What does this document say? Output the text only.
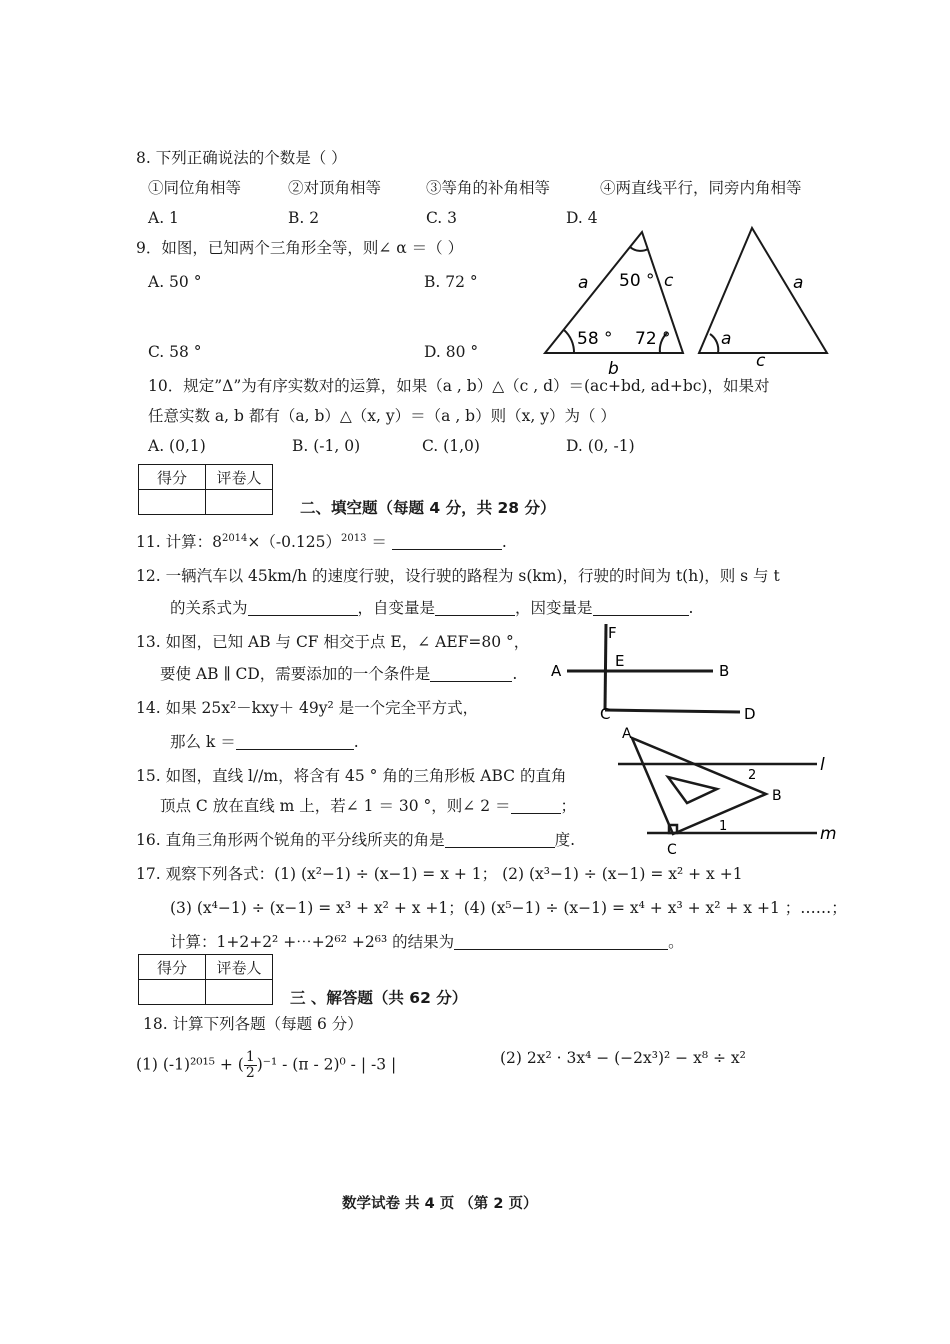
8. 下列正确说法的个数是（ ）
①同位角相等	②对顶角相等	③等角的补角相等	④两直线平行，同旁内角相等
A. 1	B. 2	C. 3	D. 4
9．如图，已知两个三角形全等，则∠ α ＝（ ）
A. 50 °	B. 72 °
C. 58 °	D. 80 °
a 50 ° c
58 ° 72 °
b
a
a
c
10．规定”Δ”为有序实数对的运算，如果（a , b）△（c , d）＝(ac+bd, ad+bc)，如果对
任意实数 a, b 都有（a, b）△（x, y）＝（a , b）则（x, y）为（ ）
A. (0,1)	B. (-1, 0)	C. (1,0)	D. (0, -1)
得分	评卷人

二、填空题（每题 4 分，共 28 分）
11. 计算：$8^{2014}\times(-0.125)^{2013}$ ＝	.
12. 一辆汽车以 45km/h 的速度行驶，设行驶的路程为 s(km)，行驶的时间为 t(h)，则 s 与 t
的关系式为	，自变量是	，因变量是	.
13. 如图，已知 AB 与 CF 相交于点 E，∠ AEF=80 °，
要使 AB ∥ CD，需要添加的一个条件是	.
F
E
A	B
C	D
14. 如果 25x²－kxy＋ 49y² 是一个完全平方式，
那么 k ＝	.
15. 如图，直线 l//m，将含有 45 ° 角的三角形板 ABC 的直角
顶点 C 放在直线 m 上，若∠ 1 ＝ 30 °，则∠ 2 ＝	；
A
B
C
l
m
1
2
16. 直角三角形两个锐角的平分线所夹的角是	度.
17. 观察下列各式：(1) (x²−1) ÷ (x−1) = x + 1； (2) (x³−1) ÷ (x−1) = x² + x +1
(3) (x⁴−1) ÷ (x−1) = x³ + x² + x +1；(4) (x⁵−1) ÷ (x−1) = x⁴ + x³ + x² + x +1 ；……；
计算：1+2+2² +⋯+2⁶² +2⁶³ 的结果为	。
得分	评卷人

三 、解答题（共 62 分）
18. 计算下列各题（每题 6 分）
(1) (-1)²⁰¹⁵ + ( $\frac{1}{2} )^{-1} - (\pi - 2)^0$ - | -3 |	(2) 2x² · 3x⁴ − (−2x³)² − x⁸ ÷ x²
数学试卷 共 4 页 （第 2 页）
